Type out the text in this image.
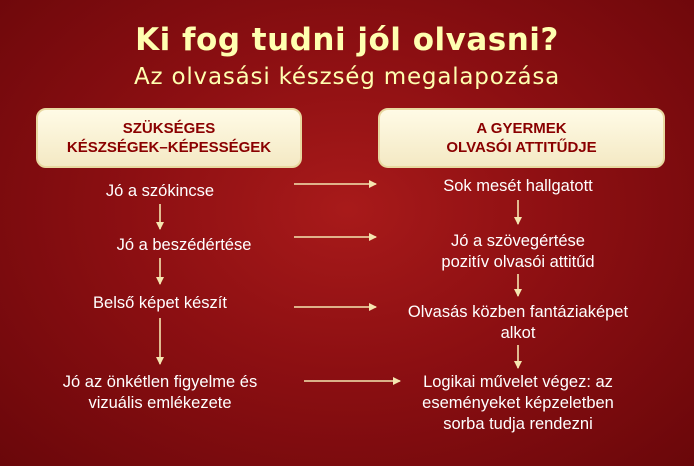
Ki fog tudni jól olvasni?
Az olvasási készség megalapozása
SZÜKSÉGES
KÉSZSÉGEK–KÉPESSÉGEK
A GYERMEK
OLVASÓI ATTITŰDJE
Jó a szókincse
Jó a beszédértése
Belső képet készít
Jó az önkétlen figyelme és
vizuális emlékezete
Sok mesét hallgatott
Jó a szövegértése
pozitív olvasói attitűd
Olvasás közben fantáziaképet
alkot
Logikai művelet végez: az
eseményeket képzeletben
sorba tudja rendezni
